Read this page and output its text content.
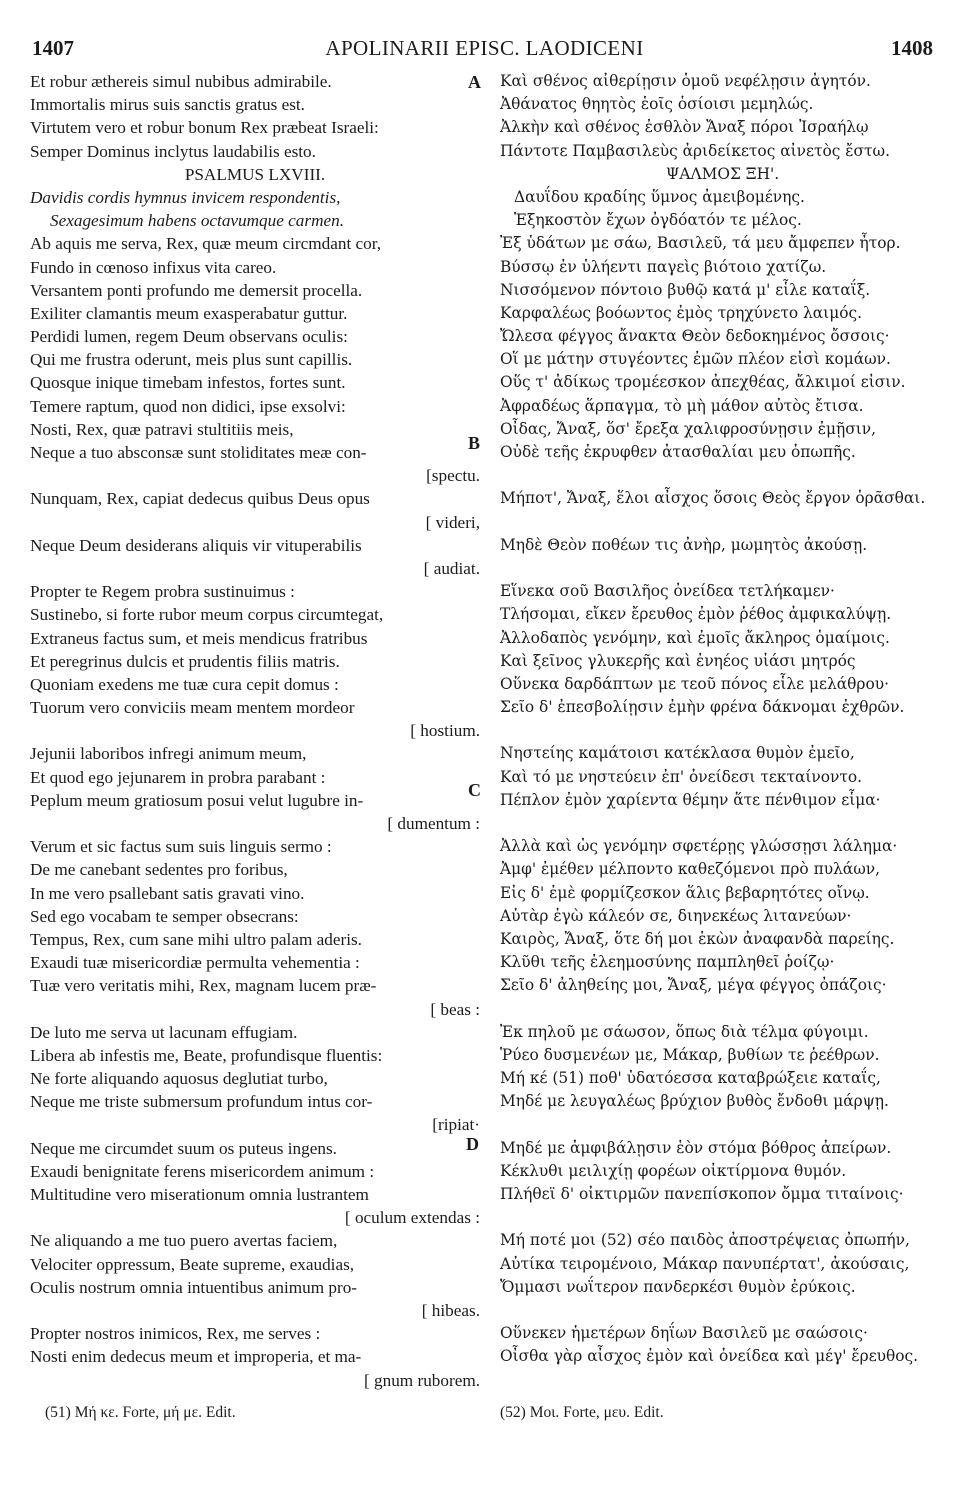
1407	APOLINARII EPISC. LAODICENI	1408
Et robur æthereis simul nubibus admirabile.
Immortalis mirus suis sanctis gratus est.
Virtutem vero et robur bonum Rex præbeat Israeli:
Semper Dominus inclytus laudabilis esto.
PSALMUS LXVIII.
Davidis cordis hymnus invicem respondentis,
Sexagesimum habens octavumque carmen.
Ab aquis me serva, Rex, quæ meum circmdant cor,
Fundo in cœnoso infixus vita careo.
Versantem ponti profundo me demersit procella.
Exiliter clamantis meum exasperabatur guttur.
Perdidi lumen, regem Deum observans oculis:
Qui me frustra oderunt, meis plus sunt capillis.
Quosque inique timebam infestos, fortes sunt.
Temere raptum, quod non didici, ipse exsolvi:
Nosti, Rex, quæ patravi stultitiis meis,
Neque a tuo absconsæ sunt stoliditates meæ con-
[spectu.
Nunquam, Rex, capiat dedecus quibus Deus opus
[ videri,
Neque Deum desiderans aliquis vir vituperabilis
[ audiat.
Propter te Regem probra sustinuimus :
Sustinebo, si forte rubor meum corpus circumtegat,
Extraneus factus sum, et meis mendicus fratribus
Et peregrinus dulcis et prudentis filiis matris.
Quoniam exedens me tuæ cura cepit domus :
Tuorum vero conviciis meam mentem mordeor
[ hostium.
Jejunii laboribos infregi animum meum,
Et quod ego jejunarem in probra parabant :
Peplum meum gratiosum posui velut lugubre in-
[ dumentum :
Verum et sic factus sum suis linguis sermo :
De me canebant sedentes pro foribus,
In me vero psallebant satis gravati vino.
Sed ego vocabam te semper obsecrans:
Tempus, Rex, cum sane mihi ultro palam aderis.
Exaudi tuæ misericordiæ permulta vehementia :
Tuæ vero veritatis mihi, Rex, magnam lucem præ-
[ beas :
De luto me serva ut lacunam effugiam.
Libera ab infestis me, Beate, profundisque fluentis:
Ne forte aliquando aquosus deglutiat turbo,
Neque me triste submersum profundum intus cor-
[ripiat·
Neque me circumdet suum os puteus ingens.
Exaudi benignitate ferens misericordem animum :
Multitudine vero miserationum omnia lustrantem
[ oculum extendas :
Ne aliquando a me tuo puero avertas faciem,
Velociter oppressum, Beate supreme, exaudias,
Oculis nostrum omnia intuentibus animum pro-
[ hibeas.
Propter nostros inimicos, Rex, me serves :
Nosti enim dedecus meum et improperia, et ma-
[ gnum ruborem.
Καὶ σθένος αἰθερίῃσιν ὁμοῦ νεφέλῃσιν ἀγητόν.
Ἀθάνατος θηητὸς ἑοῖς ὁσίοισι μεμηλώς.
Ἀλκὴν καὶ σθένος ἐσθλὸν Ἄναξ πόροι Ἰσραήλῳ
Πάντοτε Παμβασιλεὺς ἀριδείκετος αἰνετὸς ἔστω.
ΨΑΛΜΟΣ ΞΗ'.
Δαυΐδου κραδίης ὕμνος ἀμειβομένης.
Ἑξηκοστὸν ἔχων ὀγδόατόν τε μέλος.
Ἐξ ὑδάτων με σάω, Βασιλεῦ, τά μευ ἄμφεπεν ἦτορ.
Βύσσῳ ἐν ὑλήεντι παγεὶς βιότοιο χατίζω.
Νισσόμενον πόντοιο βυθῷ κατά μ' εἷλε καταΐξ.
Καρφαλέως βοόωντος ἐμὸς τρηχύνετο λαιμός.
Ὤλεσα φέγγος ἄνακτα Θεὸν δεδοκημένος ὄσσοις·
Οἵ με μάτην στυγέοντες ἐμῶν πλέον εἰσὶ κομάων.
Οὕς τ' ἀδίκως τρομέεσκον ἀπεχθέας, ἄλκιμοί εἰσιν.
Ἀφραδέως ἅρπαγμα, τὸ μὴ μάθον αὐτὸς ἔτισα.
Οἶδας, Ἄναξ, ὅσ' ἔρεξα χαλιφροσύνῃσιν ἐμῇσιν,
Οὐδὲ τεῆς ἐκρυφθεν ἀτασθαλίαι μευ ὀπωπῆς.
Μήποτ', Ἄναξ, ἕλοι αἶσχος ὅσοις Θεὸς ἔργον ὁρᾶσθαι.
Μηδὲ Θεὸν ποθέων τις ἀνὴρ, μωμητὸς ἀκούσῃ.
Εἵνεκα σοῦ Βασιλῆος ὀνείδεα τετλήκαμεν·
Τλήσομαι, εἴκεν ἔρευθος ἐμὸν ῥέθος ἀμφικαλύψῃ.
Ἀλλοδαπὸς γενόμην, καὶ ἐμοῖς ἄκληρος ὁμαίμοις.
Καὶ ξεῖνος γλυκερῆς καὶ ἐνηέος υἱάσι μητρός
Οὕνεκα δαρδάπτων με τεοῦ πόνος εἷλε μελάθρου·
Σεῖο δ' ἐπεσβολίῃσιν ἐμὴν φρένα δάκνομαι ἐχθρῶν.
Νηστείης καμάτοισι κατέκλασα θυμὸν ἐμεῖο,
Καὶ τό με νηστεύειν ἐπ' ὀνείδεσι τεκταίνοντο.
Πέπλον ἐμὸν χαρίεντα θέμην ἅτε πένθιμον εἷμα·
Ἀλλὰ καὶ ὡς γενόμην σφετέρῃς γλώσσῃσι λάλημα·
Ἀμφ' ἐμέθεν μέλποντο καθεζόμενοι πρὸ πυλάων,
Εἰς δ' ἐμὲ φορμίζεσκον ἅλις βεβαρητότες οἴνῳ.
Αὐτὰρ ἐγὼ κάλεόν σε, διηνεκέως λιτανεύων·
Καιρὸς, Ἄναξ, ὅτε δή μοι ἑκὼν ἀναφανδὰ παρείης.
Κλῦθι τεῆς ἐλεημοσύνης παμπληθεῖ ῥοίζῳ·
Σεῖο δ' ἀληθείης μοι, Ἄναξ, μέγα φέγγος ὀπάζοις·
Ἐκ πηλοῦ με σάωσον, ὅπως διὰ τέλμα φύγοιμι.
Ῥύεο δυσμενέων με, Μάκαρ, βυθίων τε ῥεέθρων.
Μή κέ (51) ποθ' ὑδατόεσσα καταβρώξειε καταΐς,
Μηδέ με λευγαλέως βρύχιον βυθὸς ἔνδοθι μάρψῃ.
Μηδέ με ἀμφιβάλῃσιν ἑὸν στόμα βόθρος ἀπείρων.
Κέκλυθι μειλιχίῃ φορέων οἰκτίρμονα θυμόν.
Πλήθεϊ δ' οἰκτιρμῶν πανεπίσκοπον ὄμμα τιταίνοις·
Μή ποτέ μοι (52) σέο παιδὸς ἀποστρέψειας ὀπωπήν,
Αὐτίκα τειρομένοιο, Μάκαρ πανυπέρτατ', ἀκούσαις,
Ὄμμασι νωΐτερον πανδερκέσι θυμὸν ἐρύκοις.
Οὕνεκεν ἡμετέρων δηΐων Βασιλεῦ με σαώσοις·
Οἶσθα γὰρ αἶσχος ἐμὸν καὶ ὀνείδεα καὶ μέγ' ἔρευθος.
A
B
C
D
(51) Μή κε. Forte, μή με. Edit.	(52) Μοι. Forte, μευ. Edit.
